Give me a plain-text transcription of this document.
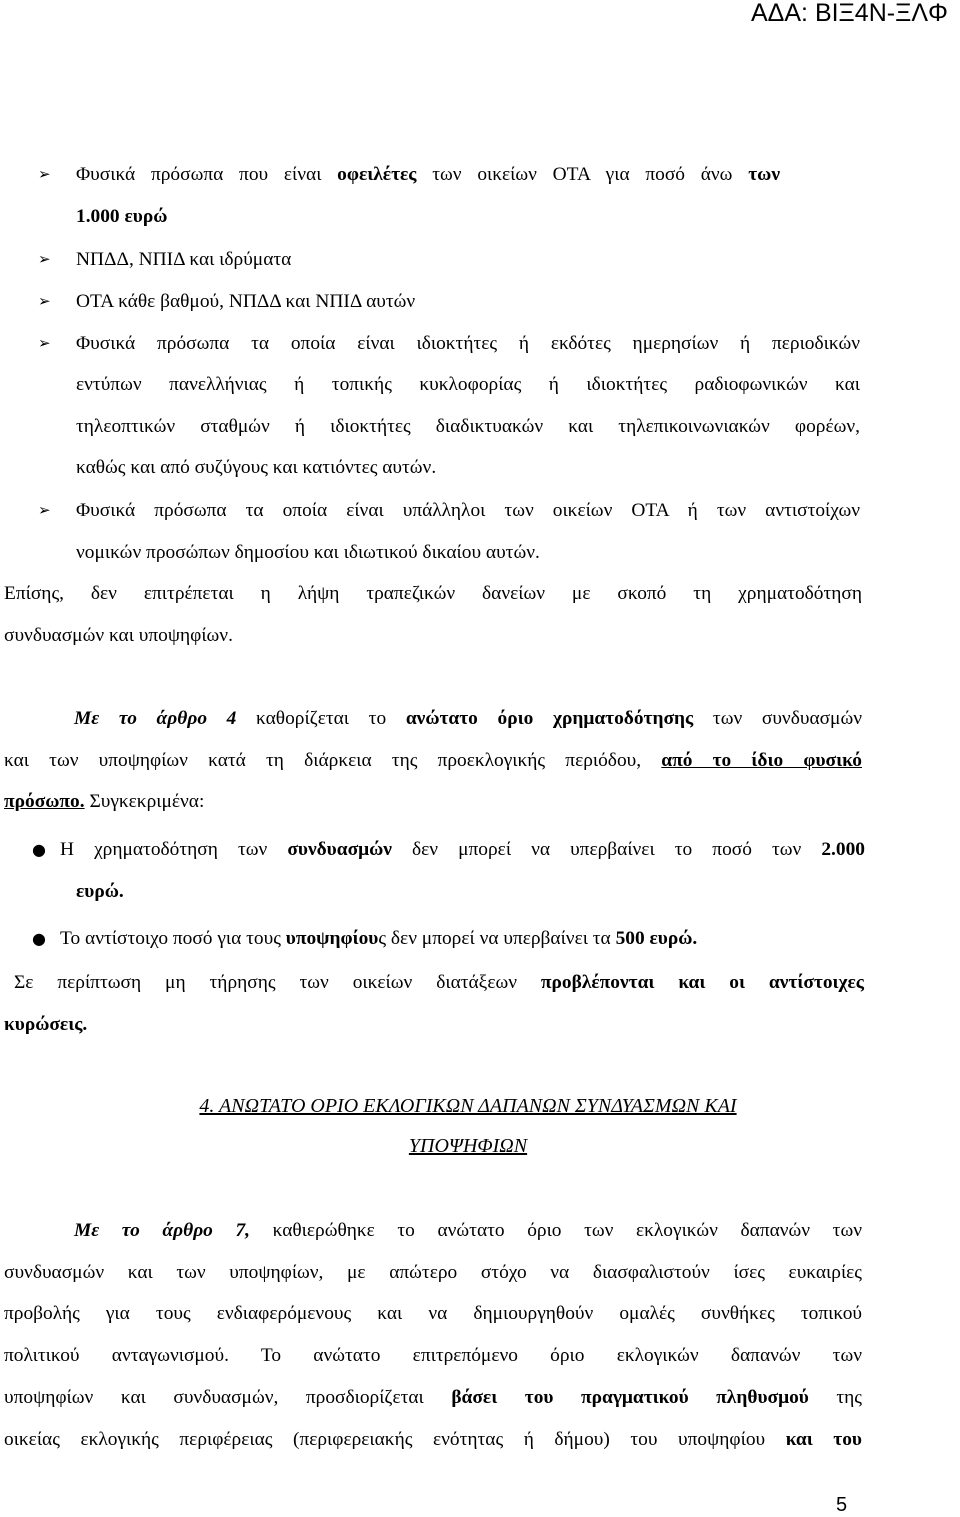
ΑΔΑ: ΒΙΞ4Ν-ΞΛΦ
➢	Φυσικά πρόσωπα που είναι οφειλέτες των οικείων ΟΤΑ για ποσό άνω των

1.000 ευρώ

➢	ΝΠΔΔ, ΝΠΙΔ και ιδρύματα

➢	ΟΤΑ κάθε βαθμού, ΝΠΔΔ και ΝΠΙΔ αυτών

➢	Φυσικά πρόσωπα τα οποία είναι ιδιοκτήτες ή εκδότες ημερησίων ή περιοδικών

εντύπων πανελλήνιας ή τοπικής κυκλοφορίας ή ιδιοκτήτες ραδιοφωνικών και

τηλεοπτικών σταθμών ή ιδιοκτήτες διαδικτυακών και τηλεπικοινωνιακών φορέων,

καθώς και από συζύγους και κατιόντες αυτών.

➢	Φυσικά πρόσωπα τα οποία είναι υπάλληλοι των οικείων ΟΤΑ ή των αντιστοίχων

νομικών προσώπων δημοσίου και ιδιωτικού δικαίου αυτών.

Επίσης, δεν επιτρέπεται η λήψη τραπεζικών δανείων με σκοπό τη χρηματοδότηση

συνδυασμών και υποψηφίων.

Με το άρθρο 4 καθορίζεται το ανώτατο όριο χρηματοδότησης των συνδυασμών

και των υποψηφίων κατά τη διάρκεια της προεκλογικής περιόδου, από το ίδιο φυσικό

πρόσωπο. Συγκεκριμένα:

● Η χρηματοδότηση των συνδυασμών δεν μπορεί να υπερβαίνει το ποσό των 2.000

ευρώ.

● Το αντίστοιχο ποσό για τους υποψηφίους δεν μπορεί να υπερβαίνει τα 500 ευρώ.

Σε περίπτωση μη τήρησης των οικείων διατάξεων προβλέπονται και οι αντίστοιχες

κυρώσεις.

4. ΑΝΩΤΑΤΟ ΟΡΙΟ ΕΚΛΟΓΙΚΩΝ ΔΑΠΑΝΩΝ ΣΥΝΔΥΑΣΜΩΝ ΚΑΙ

ΥΠΟΨΗΦΙΩΝ

Με το άρθρο 7, καθιερώθηκε το ανώτατο όριο των εκλογικών δαπανών των

συνδυασμών και των υποψηφίων, με απώτερο στόχο να διασφαλιστούν ίσες ευκαιρίες

προβολής για τους ενδιαφερόμενους και να δημιουργηθούν ομαλές συνθήκες τοπικού

πολιτικού ανταγωνισμού. Το ανώτατο επιτρεπόμενο όριο εκλογικών δαπανών των

υποψηφίων και συνδυασμών, προσδιορίζεται βάσει του πραγματικού πληθυσμού της

οικείας εκλογικής περιφέρειας (περιφερειακής ενότητας ή δήμου) του υποψηφίου και του

5
